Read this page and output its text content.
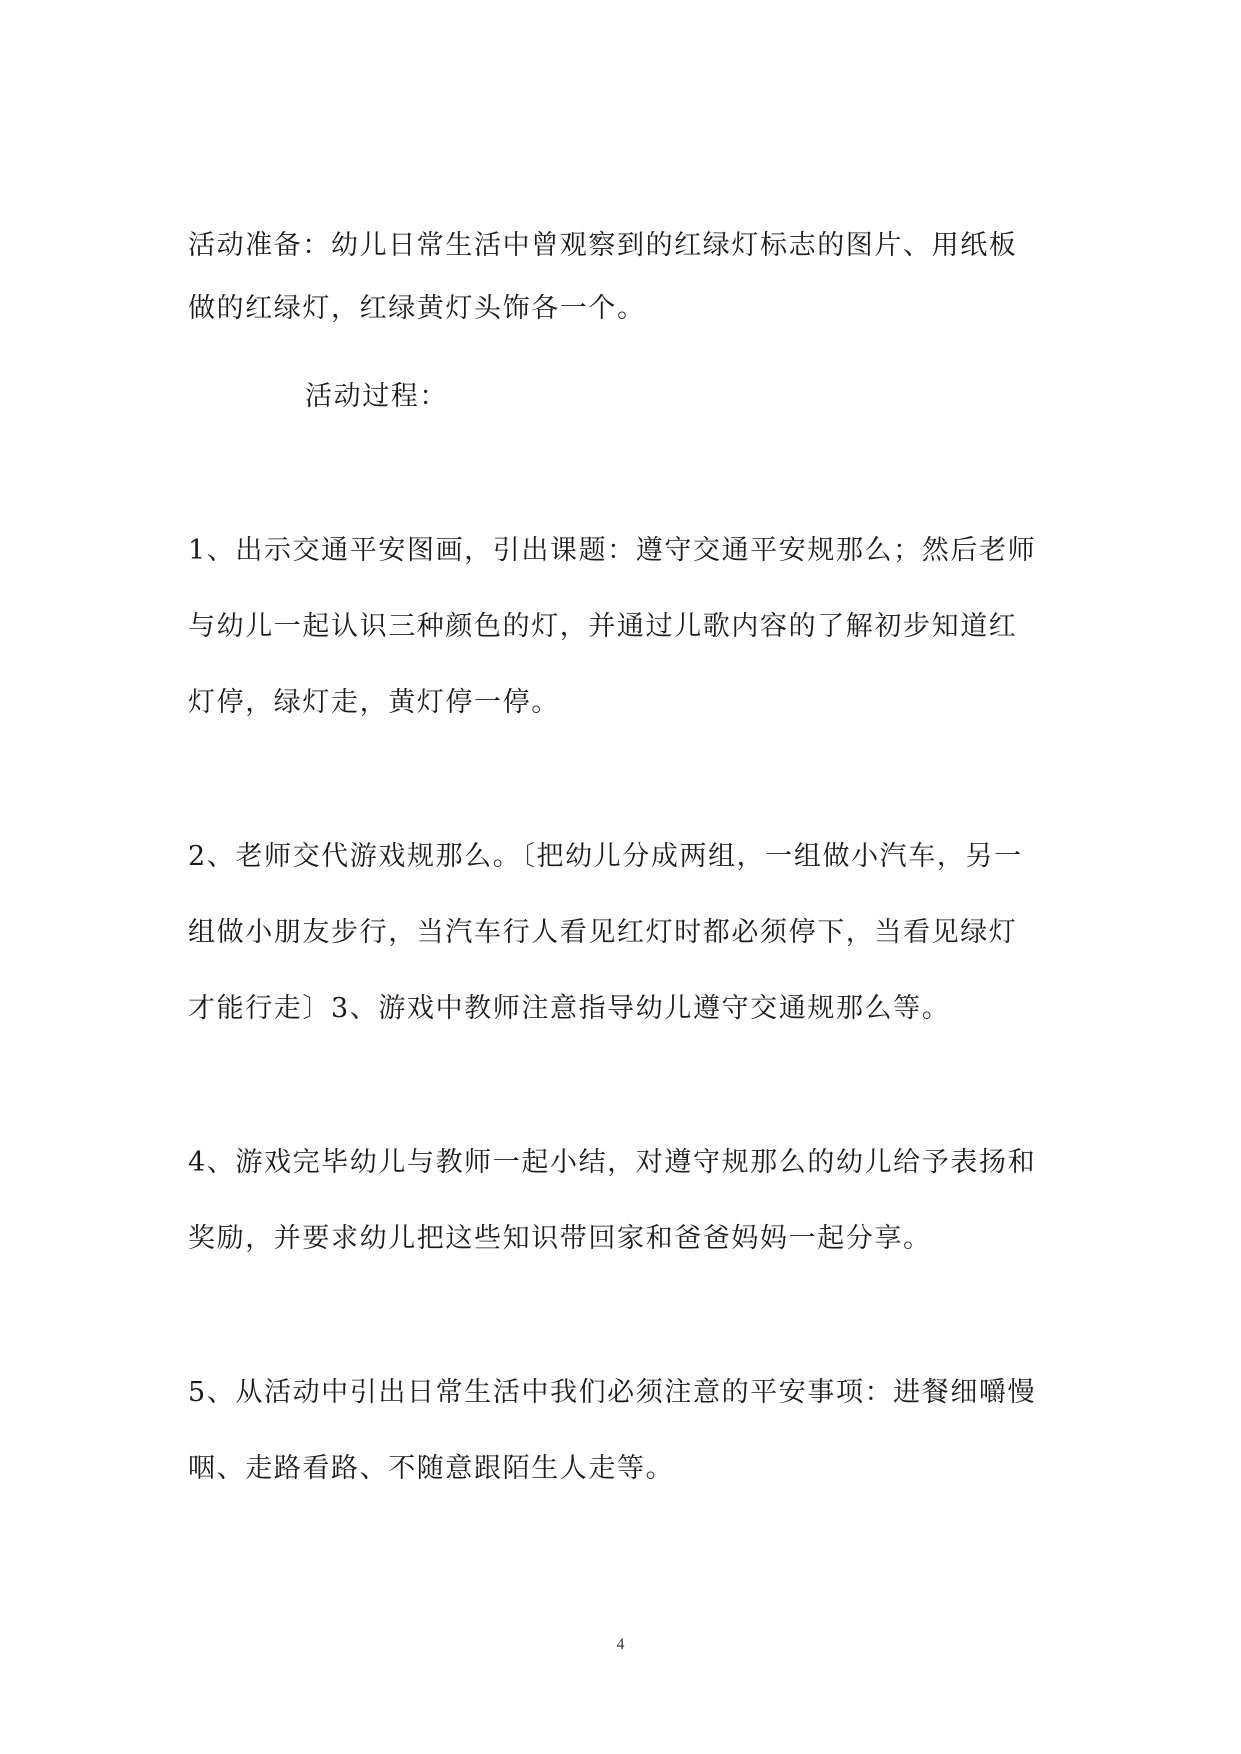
活动准备：幼儿日常生活中曾观察到的红绿灯标志的图片、用纸板
做的红绿灯，红绿黄灯头饰各一个。
活动过程：
1、出示交通平安图画，引出课题：遵守交通平安规那么；然后老师
与幼儿一起认识三种颜色的灯，并通过儿歌内容的了解初步知道红
灯停，绿灯走，黄灯停一停。
2、老师交代游戏规那么。〔把幼儿分成两组，一组做小汽车，另一
组做小朋友步行，当汽车行人看见红灯时都必须停下，当看见绿灯
才能行走〕3、游戏中教师注意指导幼儿遵守交通规那么等。
4、游戏完毕幼儿与教师一起小结，对遵守规那么的幼儿给予表扬和
奖励，并要求幼儿把这些知识带回家和爸爸妈妈一起分享。
5、从活动中引出日常生活中我们必须注意的平安事项：进餐细嚼慢
咽、走路看路、不随意跟陌生人走等。
4
